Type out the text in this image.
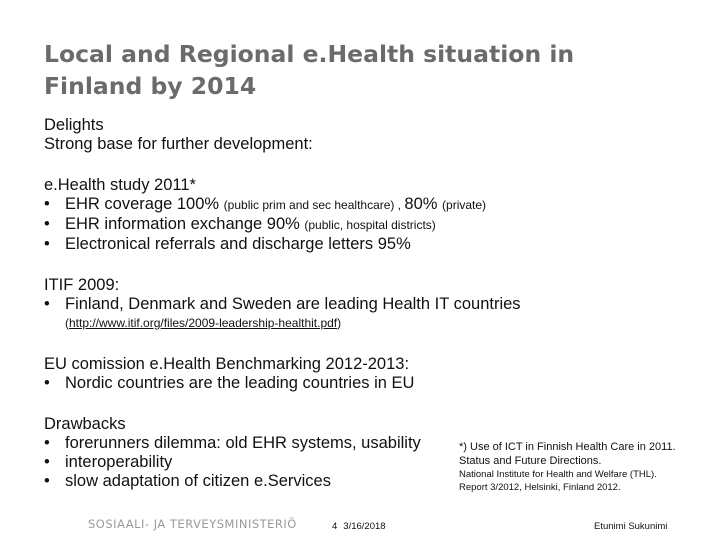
Local and Regional e.Health situation in
Finland by 2014
Delights
Strong base for further development:
e.Health study 2011*
• EHR coverage 100% (public prim and sec healthcare) , 80% (private)
• EHR information exchange 90% (public, hospital districts)
• Electronical referrals and discharge letters 95%
ITIF 2009:
• Finland, Denmark and Sweden are leading Health IT countries
(http://www.itif.org/files/2009-leadership-healthit.pdf)
EU comission e.Health Benchmarking 2012-2013:
• Nordic countries are the leading countries in EU
Drawbacks
• forerunners dilemma: old EHR systems, usability
• interoperability
• slow adaptation of citizen e.Services
*) Use of ICT in Finnish Health Care in 2011.
Status and Future Directions.
National Institute for Health and Welfare (THL).
Report 3/2012, Helsinki, Finland 2012.
SOSIAALI- JA TERVEYSMINISTERIÖ	4 3/16/2018	Etunimi Sukunimi
